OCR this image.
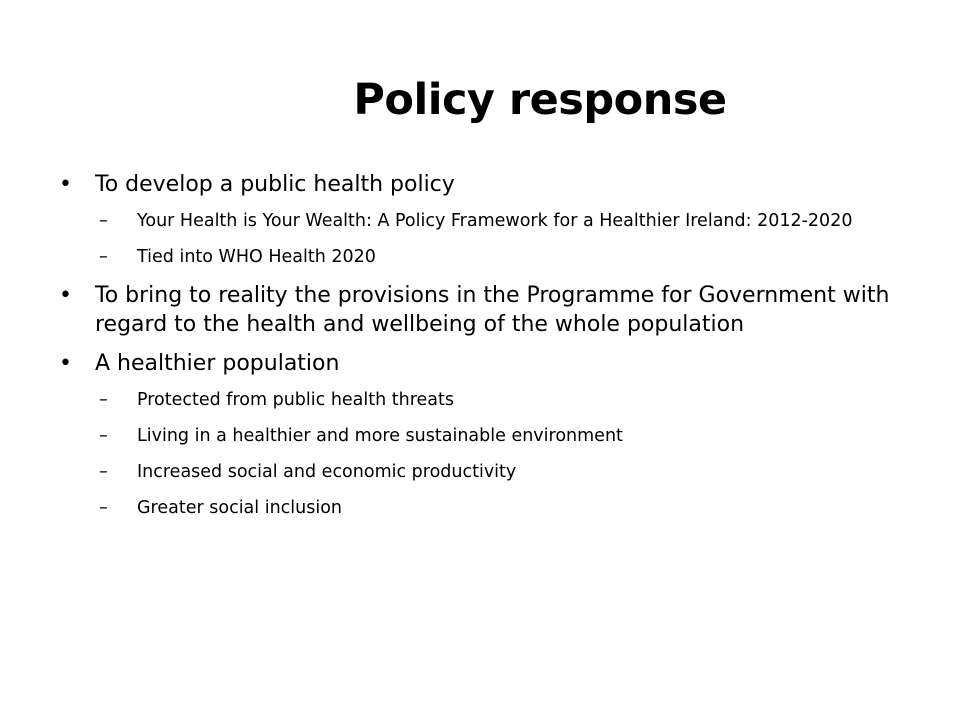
Policy response
•	To develop a public health policy
– Your Health is Your Wealth: A Policy Framework for a Healthier Ireland: 2012-2020
– Tied into WHO Health 2020
•	To bring to reality the provisions in the Programme for Government with regard to the health and wellbeing of the whole population
•	A healthier population
– Protected from public health threats
– Living in a healthier and more sustainable environment
– Increased social and economic productivity
– Greater social inclusion
